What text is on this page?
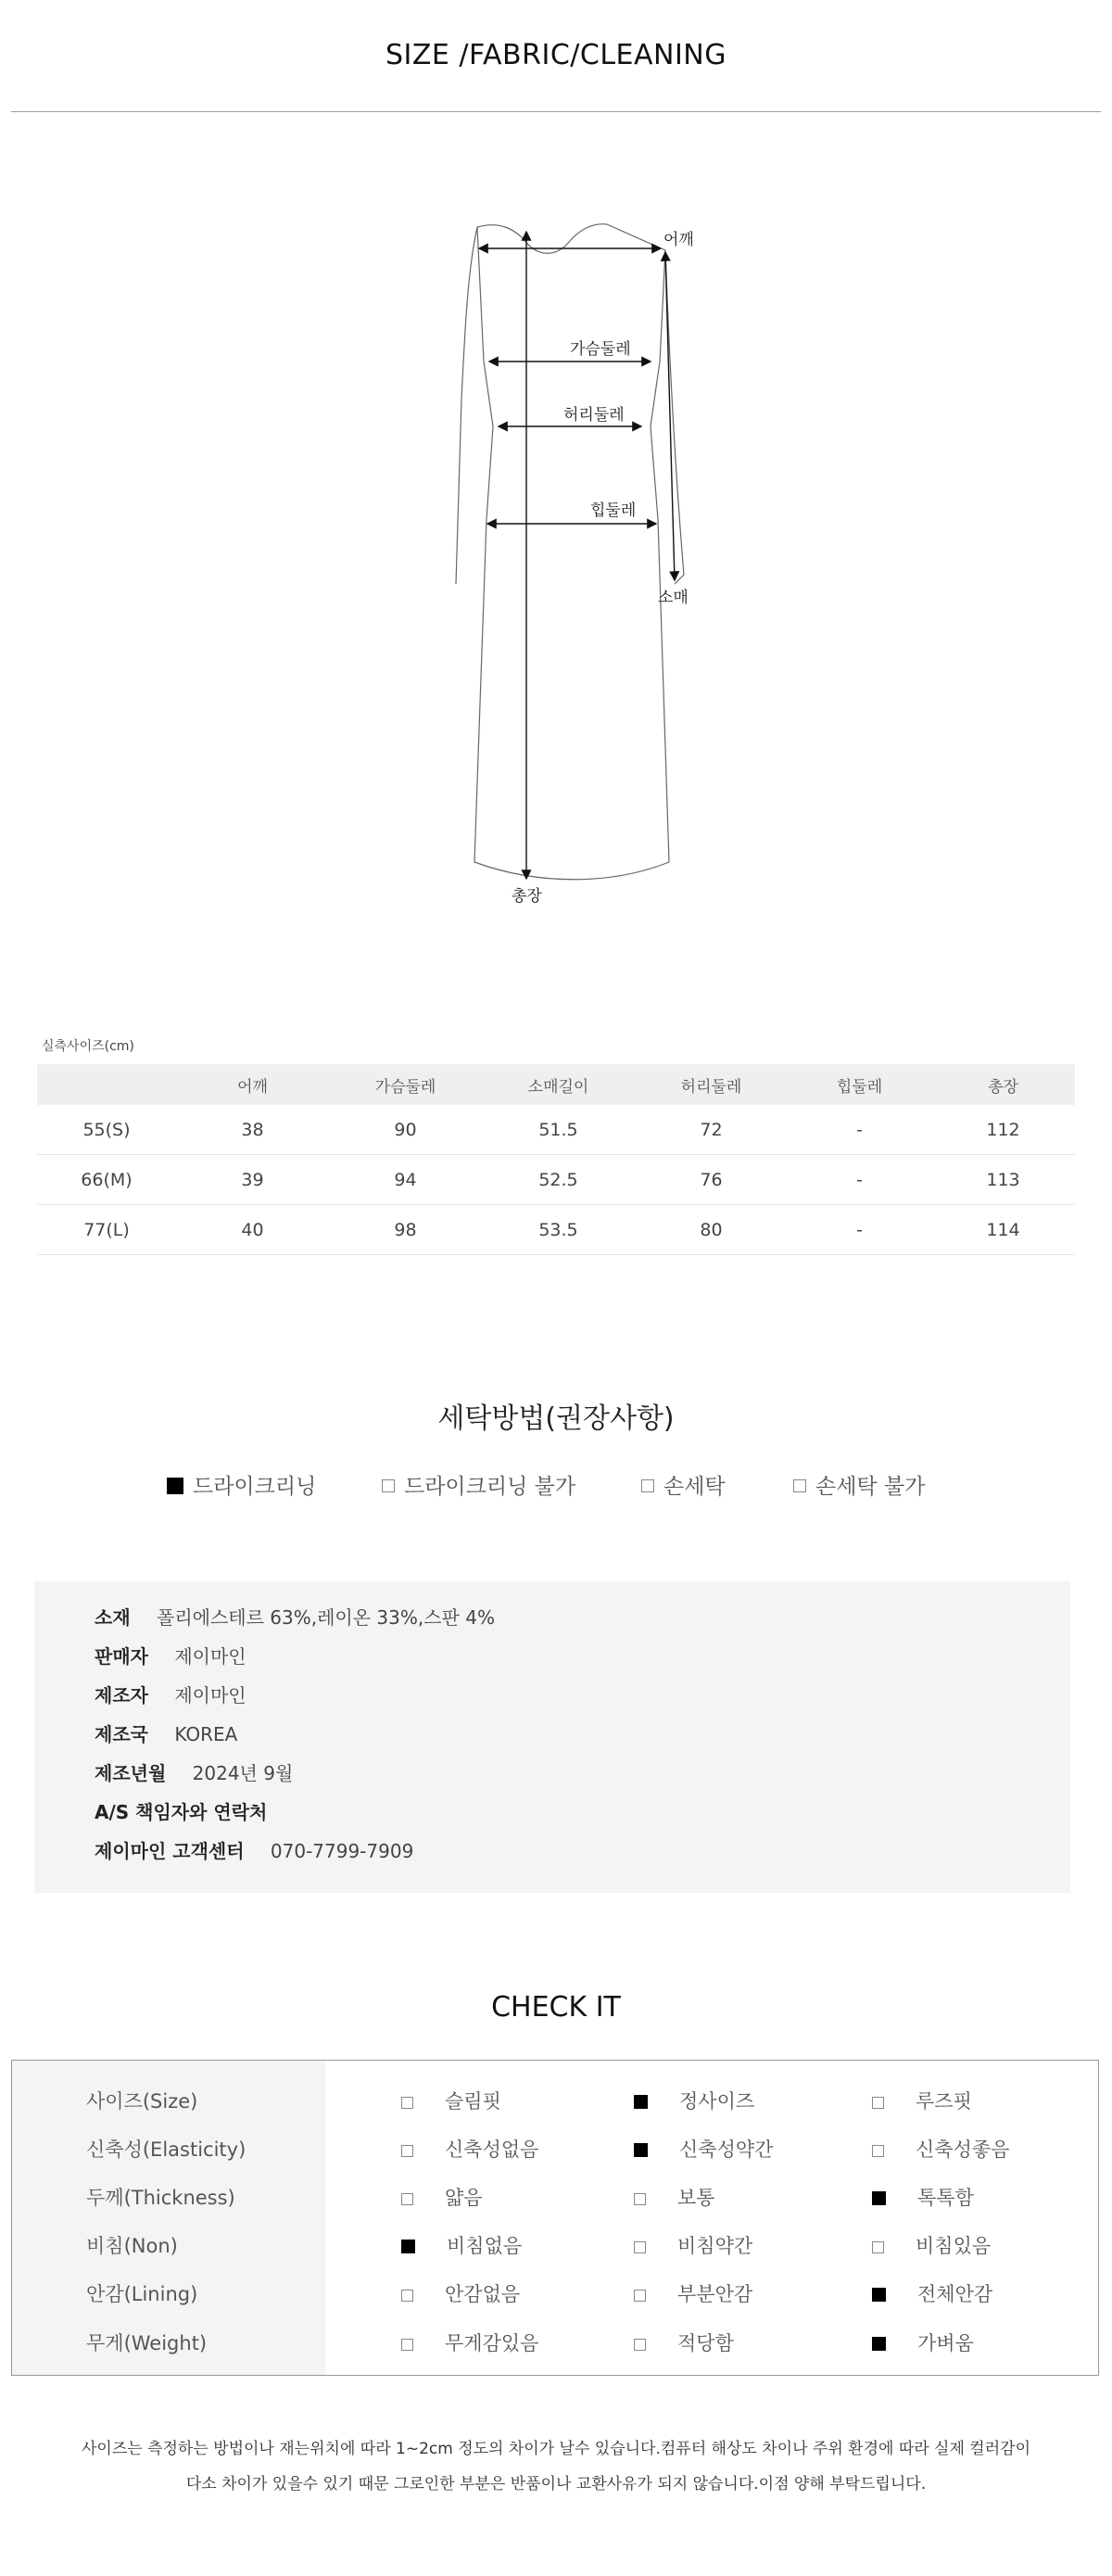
SIZE /FABRIC/CLEANING
어깨
가슴둘레
허리둘레
힙둘레
소매
총장
실측사이즈(cm)
	어깨	가슴둘레	소매길이	허리둘레	힙둘레	총장
55(S)	38	90	51.5	72	-	112
66(M)	39	94	52.5	76	-	113
77(L)	40	98	53.5	80	-	114
세탁방법(권장사항)
드라이크리닝	드라이크리닝 불가	손세탁	손세탁 불가
소재 폴리에스테르 63%,레이온 33%,스판 4%
판매자 제이마인
제조자 제이마인
제조국 KOREA
제조년월 2024년 9월
A/S 책임자와 연락처
제이마인 고객센터 070-7799-7909
CHECK IT
사이즈(Size)	슬림핏	정사이즈	루즈핏
신축성(Elasticity)	신축성없음	신축성약간	신축성좋음
두께(Thickness)	얇음	보통	톡톡함
비침(Non)	비침없음	비침약간	비침있음
안감(Lining)	안감없음	부분안감	전체안감
무게(Weight)	무게감있음	적당함	가벼움
사이즈는 측정하는 방법이나 재는위치에 따라 1~2cm 정도의 차이가 날수 있습니다.컴퓨터 해상도 차이나 주위 환경에 따라 실제 컬러감이
다소 차이가 있을수 있기 때문 그로인한 부분은 반품이나 교환사유가 되지 않습니다.이점 양해 부탁드립니다.
